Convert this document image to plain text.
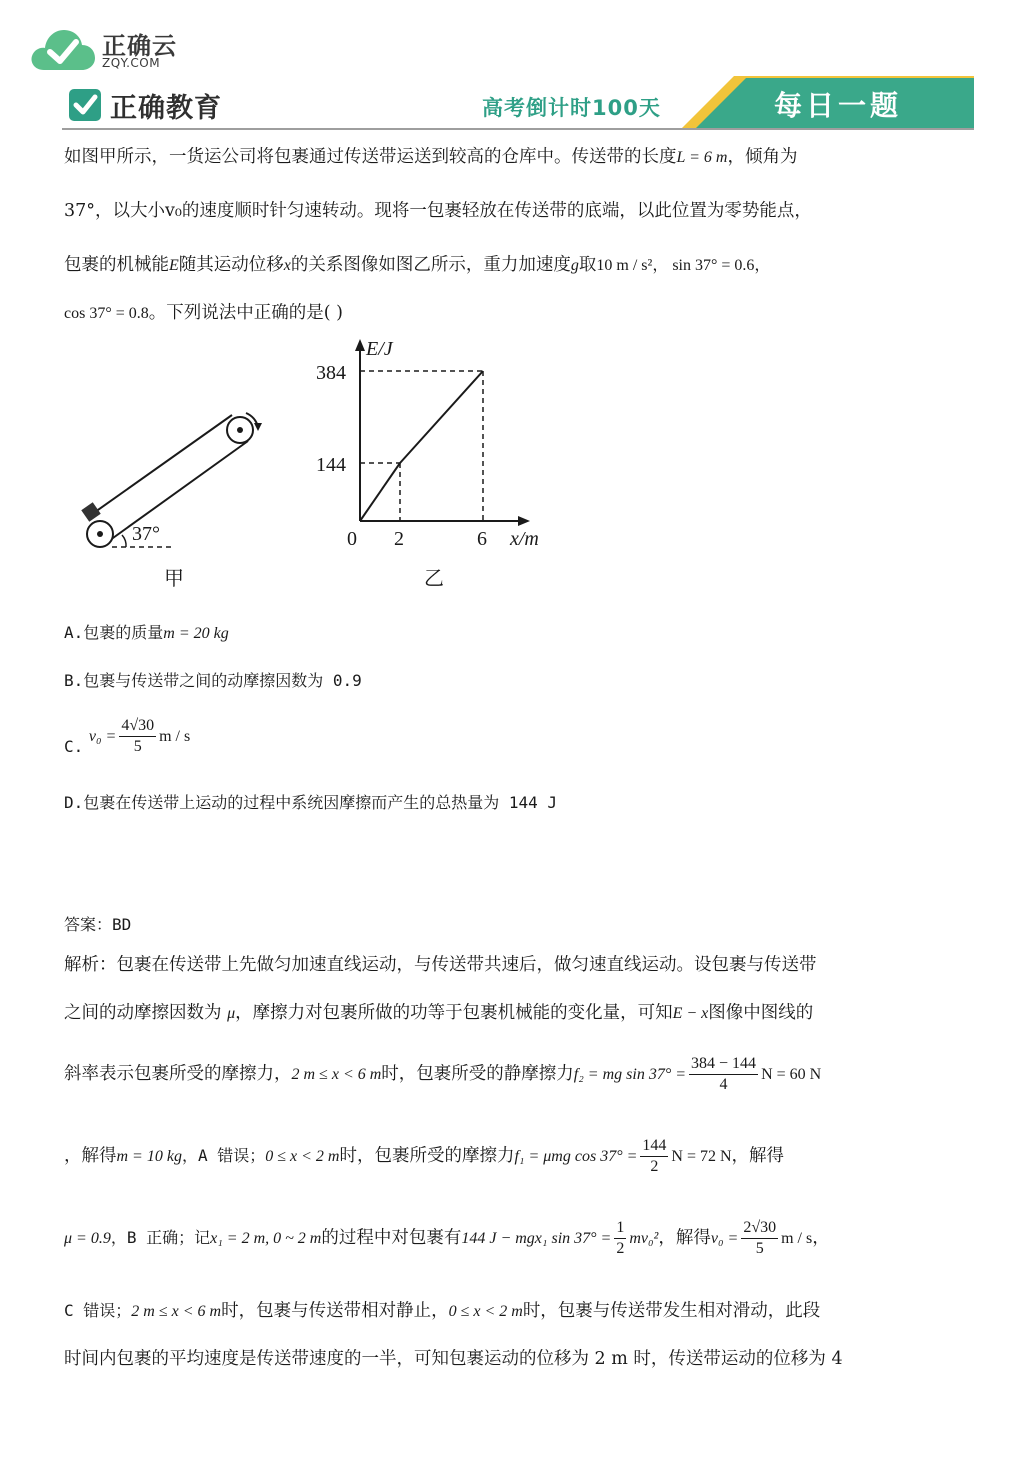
正确云
ZQY.COM
正确教育	高考倒计时100天	每日一题
如图甲所示，一货运公司将包裹通过传送带运送到较高的仓库中。传送带的长度L = 6 m，倾角为
37°，以大小v₀的速度顺时针匀速转动。现将一包裹轻放在传送带的底端，以此位置为零势能点，
包裹的机械能E随其运动位移x的关系图像如图乙所示，重力加速度g取10 m / s²， sin 37° = 0.6，
cos 37° = 0.8。下列说法中正确的是( )
37°
甲
E/J
384
144
0 2	6 x/m
乙
A.包裹的质量m = 20 kg
B.包裹与传送带之间的动摩擦因数为 0.9
C. $v_0 = \frac{4√30}{5}$ m / s
D.包裹在传送带上运动的过程中系统因摩擦而产生的总热量为 144 J
答案：BD
解析：包裹在传送带上先做匀加速直线运动，与传送带共速后，做匀速直线运动。设包裹与传送带
之间的动摩擦因数为 μ，摩擦力对包裹所做的功等于包裹机械能的变化量，可知E − x图像中图线的
斜率表示包裹所受的摩擦力，2 m ≤ x < 6 m时，包裹所受的静摩擦力f₂ = mg $\sin 37^\circ = \frac{384 - 144}{4}$ N = 60 N
，解得m = 10 kg，A 错误；0 ≤ x < 2 m时，包裹所受的摩擦力f₁ = μmg $\cos 37^\circ = \frac{144}{2}$ N = 72 N，解得
μ = 0.9，B 正确；记x₁ = 2 m, 0 ~ 2 m的过程中对包裹有144 J − mgx₁ $\sin 37^\circ = \frac{1}{2} mv_0^2$，解得$v_0 = \frac{2√30}{5}$ m / s，
C 错误；2 m ≤ x < 6 m时，包裹与传送带相对静止，0 ≤ x < 2 m时，包裹与传送带发生相对滑动，此段
时间内包裹的平均速度是传送带速度的一半，可知包裹运动的位移为 2 m 时，传送带运动的位移为 4
